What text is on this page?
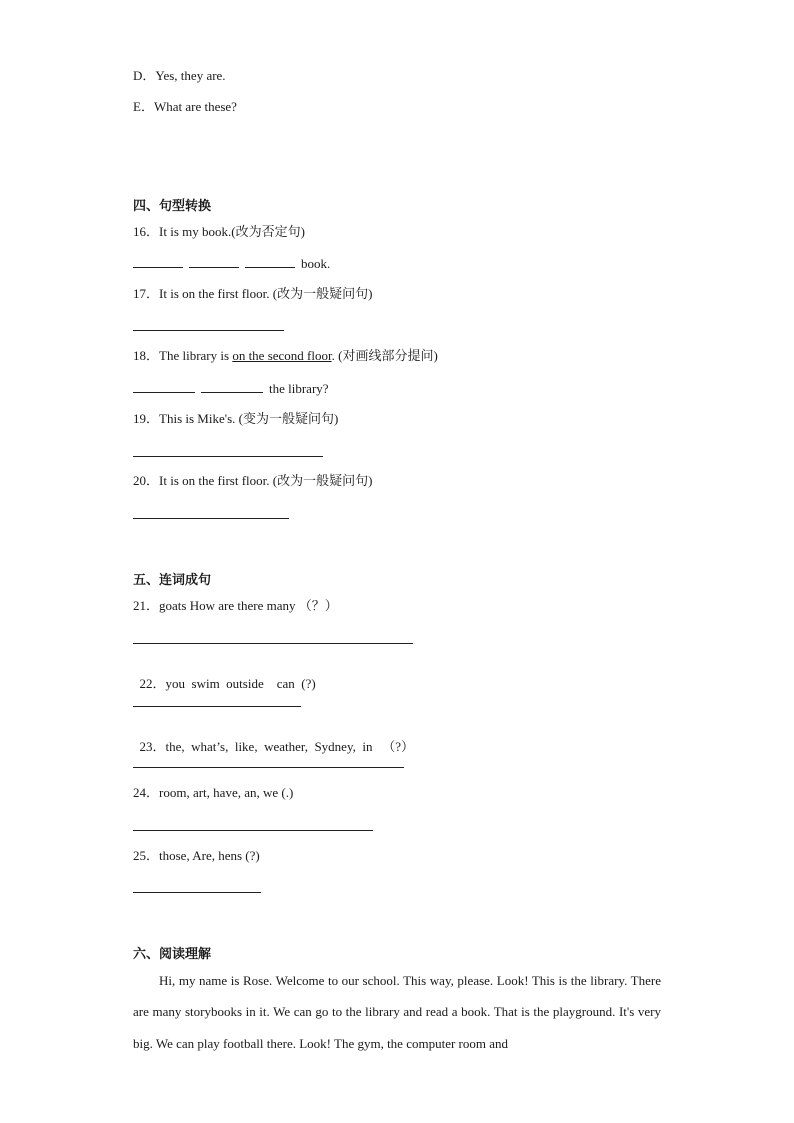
D．Yes, they are.
E．What are these?
四、句型转换
16．It is my book.(改为否定句)
book.
17．It is on the first floor. (改为一般疑问句)
18．The library is on the second floor. (对画线部分提问)
the library?
19．This is Mike's. (变为一般疑问句)
20．It is on the first floor. (改为一般疑问句)
五、连词成句
21．goats How are there many （？）

22．you  swim  outside    can  (?)

23．the,  what’s,  like,  weather,  Sydney,  in   （?）

24．room, art, have, an, we (.)
25．those, Are, hens (?)
六、阅读理解
Hi, my name is Rose. Welcome to our school. This way, please. Look! This is the library. There are many storybooks in it. We can go to the library and read a book. That is the playground. It's very big. We can play football there. Look! The gym, the computer room and
